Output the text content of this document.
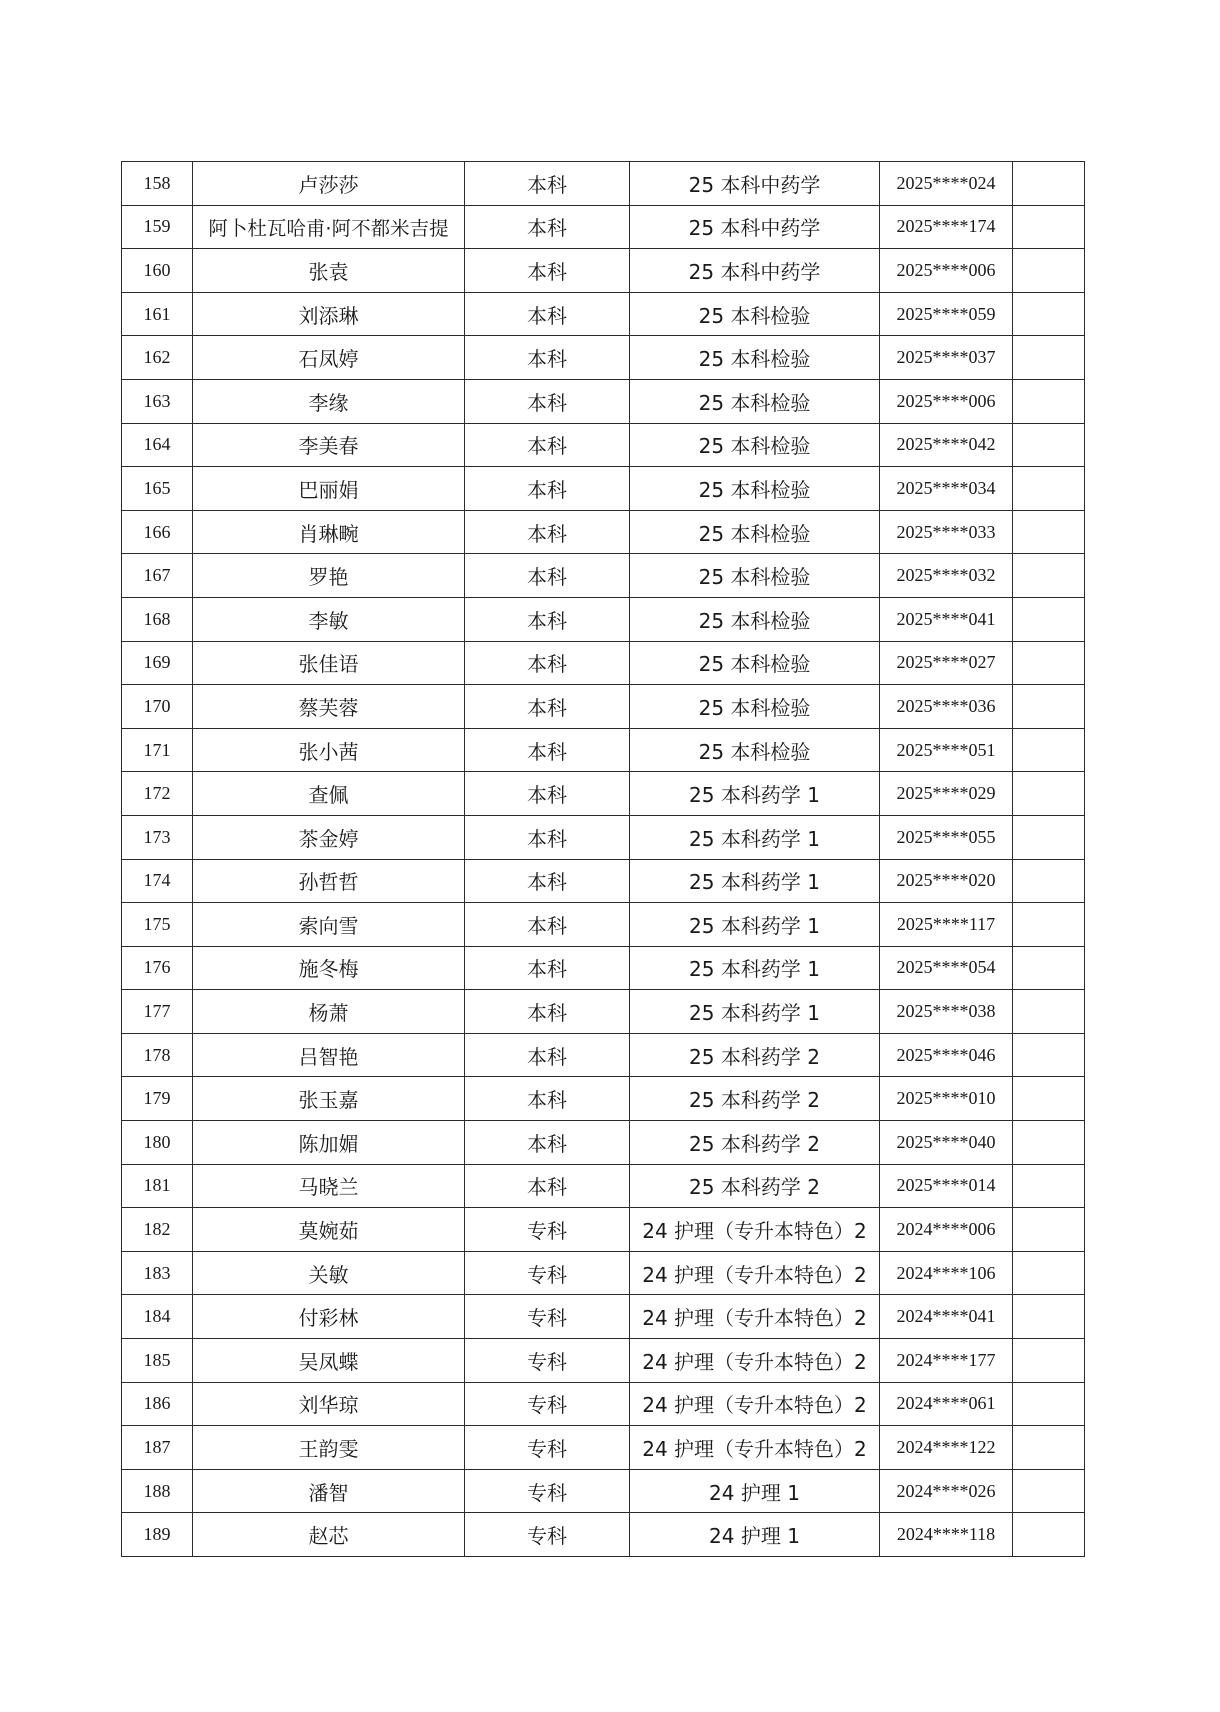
158	卢莎莎	本科	25 本科中药学	2025****024	
159	阿卜杜瓦哈甫·阿不都米吉提	本科	25 本科中药学	2025****174	
160	张袁	本科	25 本科中药学	2025****006	
161	刘添琳	本科	25 本科检验	2025****059	
162	石凤婷	本科	25 本科检验	2025****037	
163	李缘	本科	25 本科检验	2025****006	
164	李美春	本科	25 本科检验	2025****042	
165	巴丽娟	本科	25 本科检验	2025****034	
166	肖琳畹	本科	25 本科检验	2025****033	
167	罗艳	本科	25 本科检验	2025****032	
168	李敏	本科	25 本科检验	2025****041	
169	张佳语	本科	25 本科检验	2025****027	
170	蔡芙蓉	本科	25 本科检验	2025****036	
171	张小茜	本科	25 本科检验	2025****051	
172	查佩	本科	25 本科药学 1	2025****029	
173	茶金婷	本科	25 本科药学 1	2025****055	
174	孙哲哲	本科	25 本科药学 1	2025****020	
175	索向雪	本科	25 本科药学 1	2025****117	
176	施冬梅	本科	25 本科药学 1	2025****054	
177	杨萧	本科	25 本科药学 1	2025****038	
178	吕智艳	本科	25 本科药学 2	2025****046	
179	张玉嘉	本科	25 本科药学 2	2025****010	
180	陈加媚	本科	25 本科药学 2	2025****040	
181	马晓兰	本科	25 本科药学 2	2025****014	
182	莫婉茹	专科	24 护理（专升本特色）2	2024****006	
183	关敏	专科	24 护理（专升本特色）2	2024****106	
184	付彩林	专科	24 护理（专升本特色）2	2024****041	
185	吴凤蝶	专科	24 护理（专升本特色）2	2024****177	
186	刘华琼	专科	24 护理（专升本特色）2	2024****061	
187	王韵雯	专科	24 护理（专升本特色）2	2024****122	
188	潘智	专科	24 护理 1	2024****026	
189	赵芯	专科	24 护理 1	2024****118	
